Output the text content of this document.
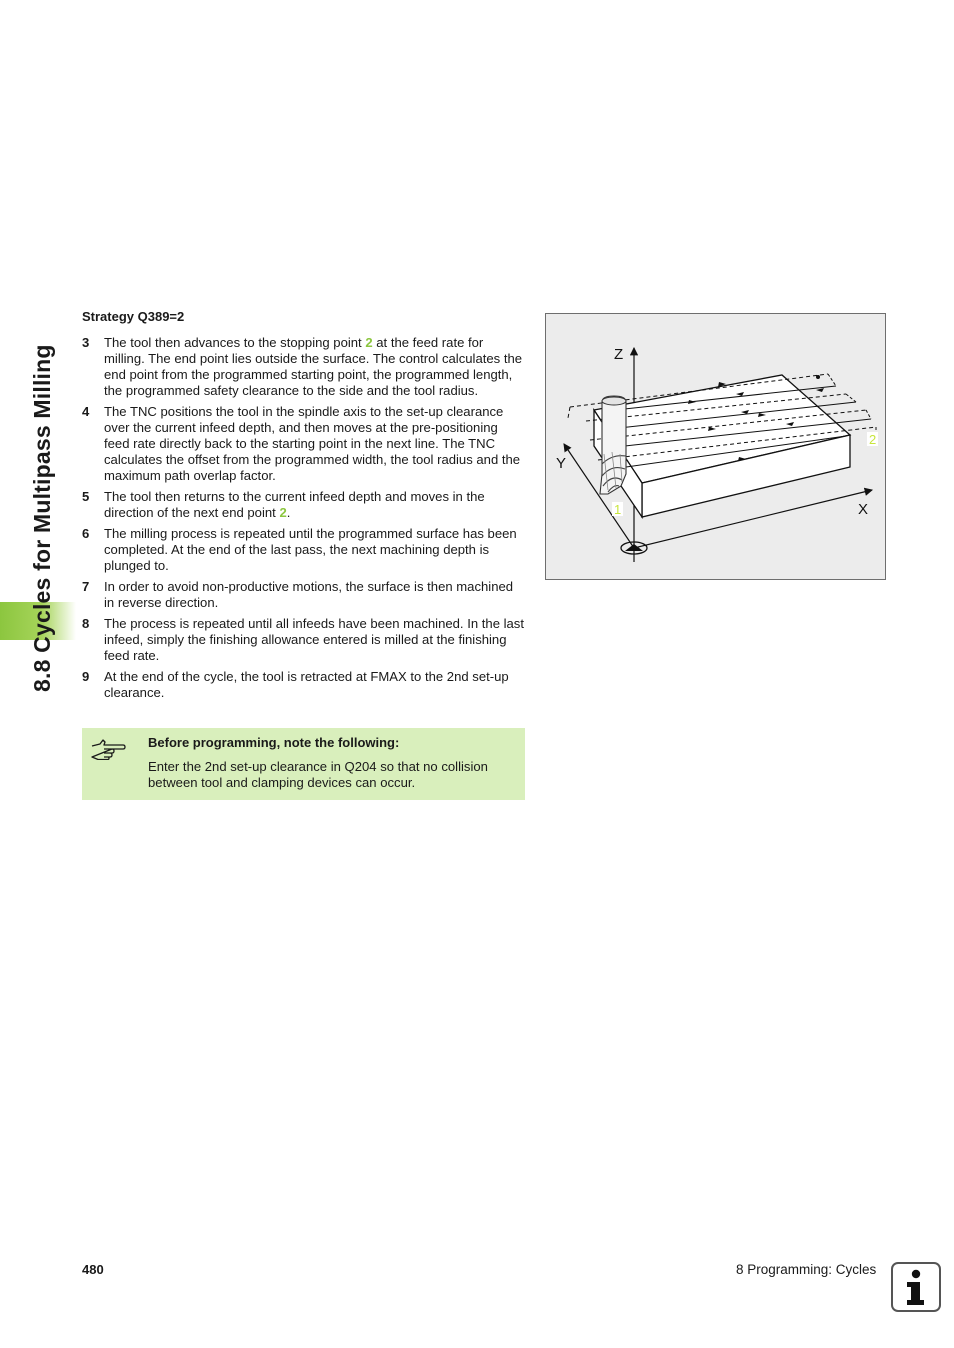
8.8 Cycles for Multipass Milling
Strategy Q389=2
3	The tool then advances to the stopping point 2 at the feed rate for milling. The end point lies outside the surface. The control calculates the end point from the programmed starting point, the programmed length, the programmed safety clearance to the side and the tool radius.
4	The TNC positions the tool in the spindle axis to the set-up clearance over the current infeed depth, and then moves at the pre-positioning feed rate directly back to the starting point in the next line. The TNC calculates the offset from the programmed width, the tool radius and the maximum path overlap factor.
5	The tool then returns to the current infeed depth and moves in the direction of the next end point 2.
6	The milling process is repeated until the programmed surface has been completed. At the end of the last pass, the next machining depth is plunged to.
7	In order to avoid non-productive motions, the surface is then machined in reverse direction.
8	The process is repeated until all infeeds have been machined. In the last infeed, simply the finishing allowance entered is milled at the finishing feed rate.
9	At the end of the cycle, the tool is retracted at FMAX to the 2nd set-up clearance.
Before programming, note the following:
Enter the 2nd set-up clearance in Q204 so that no collision between tool and clamping devices can occur.
Z
Y
X
1
2
480	8 Programming: Cycles
